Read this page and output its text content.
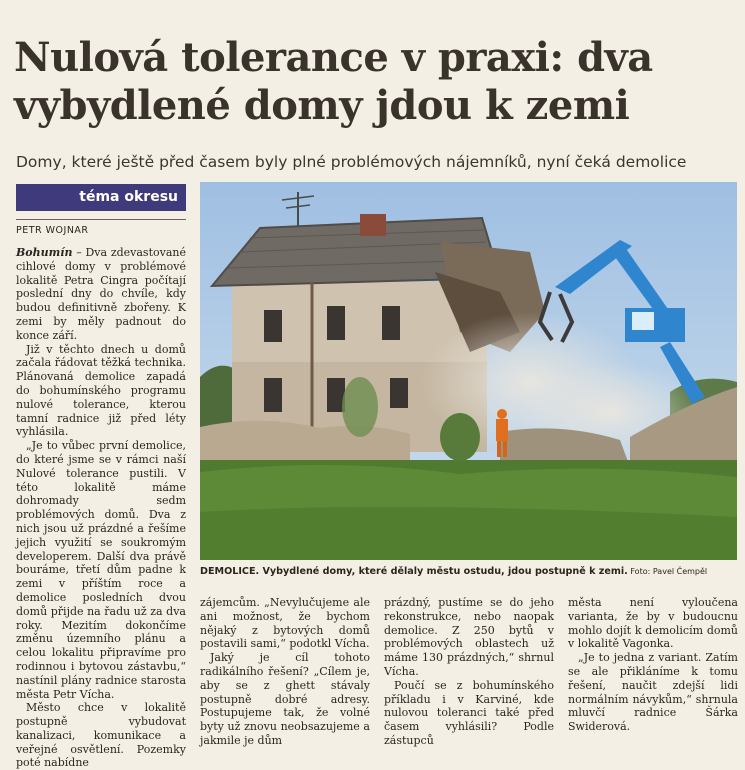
Nulová tolerance v praxi: dva
vybydlené domy jdou k zemi
Domy, které ještě před časem byly plné problémových nájemníků, nyní čeká demolice
téma okresu
PETR WOJNAR

Bohumín – Dva zdevastované cihlové domy v problémové lokalitě Petra Cingra počítají poslední dny do chvíle, kdy budou definitivně zbořeny. K zemi by měly padnout do konce září.

Již v těchto dnech u domů začala řádovat těžká technika. Plánovaná demolice zapadá do bohumínského programu nulové tolerance, kterou tamní radnice již před léty vyhlásila.

„Je to vůbec první demolice, do které jsme se v rámci naší Nulové tolerance pustili. V této lokalitě máme dohromady sedm problémových domů. Dva z nich jsou už prázdné a řešíme jejich využití se soukromým developerem. Další dva právě bouráme, třetí dům padne k zemi v příštím roce a demolice posledních dvou domů přijde na řadu už za dva roky. Mezitím dokončíme změnu územního plánu a celou lokalitu připravíme pro rodinnou i bytovou zástavbu,“ nastínil plány radnice starosta města Petr Vícha.

Město chce v lokalitě postupně vybudovat kanalizaci, komunikace a veřejné osvětlení. Pozemky poté nabídne

DEMOLICE. Vybydlené domy, které dělaly městu ostudu, jdou postupně k zemi. Foto: Pavel Čempěl

zájemcům. „Nevylučujeme ale ani možnost, že bychom nějaký z bytových domů postavili sami,“ podotkl Vícha.

Jaký je cíl tohoto radikálního řešení? „Cílem je, aby se z ghett stávaly postupně dobré adresy. Postupujeme tak, že volné byty už znovu neobsazujeme a jakmile je dům

prázdný, pustíme se do jeho rekonstrukce, nebo naopak demolice. Z 250 bytů v problémových oblastech už máme 130 prázdných,“ shrnul Vícha.

Poučí se z bohumínského příkladu i v Karviné, kde nulovou toleranci také před časem vyhlásili? Podle zástupců

města není vyloučena varianta, že by v budoucnu mohlo dojít k demolicím domů v lokalitě Vagonka.

„Je to jedna z variant. Zatím se ale přikláníme k tomu řešení, naučit zdejší lidi normálním návykům,“ shrnula mluvčí radnice Šárka Swiderová.
